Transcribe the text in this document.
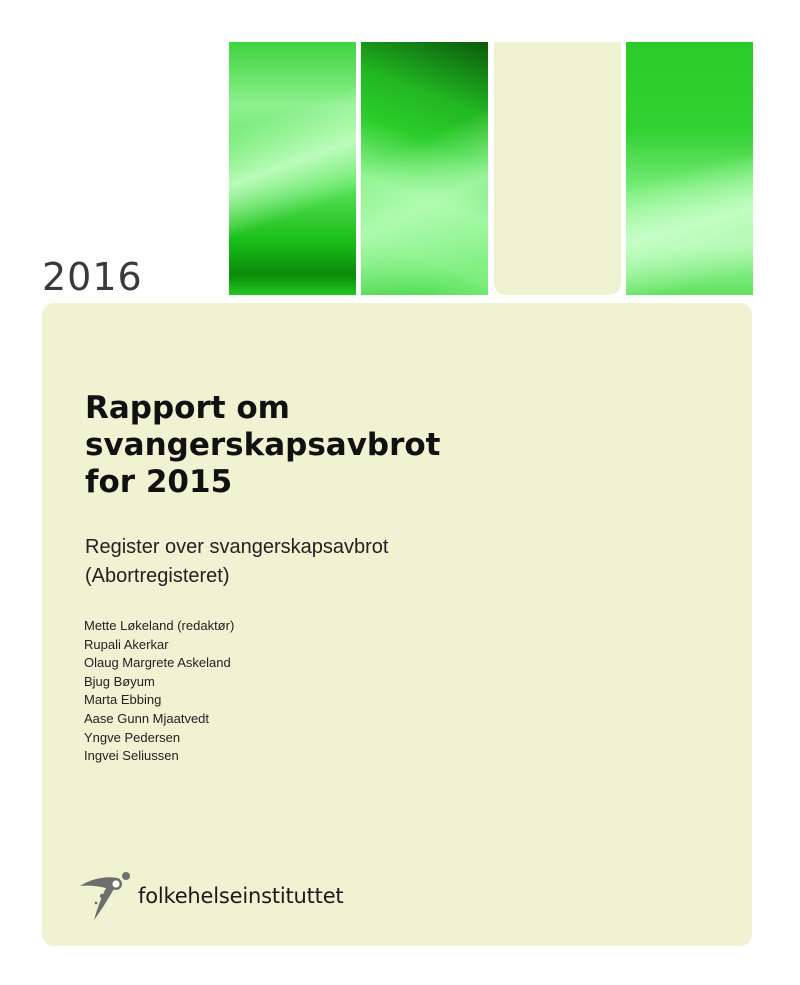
2016
Rapport om
svangerskapsavbrot
for 2015
Register over svangerskapsavbrot
(Abortregisteret)
Mette Løkeland (redaktør)
Rupali Akerkar
Olaug Margrete Askeland
Bjug Bøyum
Marta Ebbing
Aase Gunn Mjaatvedt
Yngve Pedersen
Ingvei Seliussen
folkehelseinstituttet
